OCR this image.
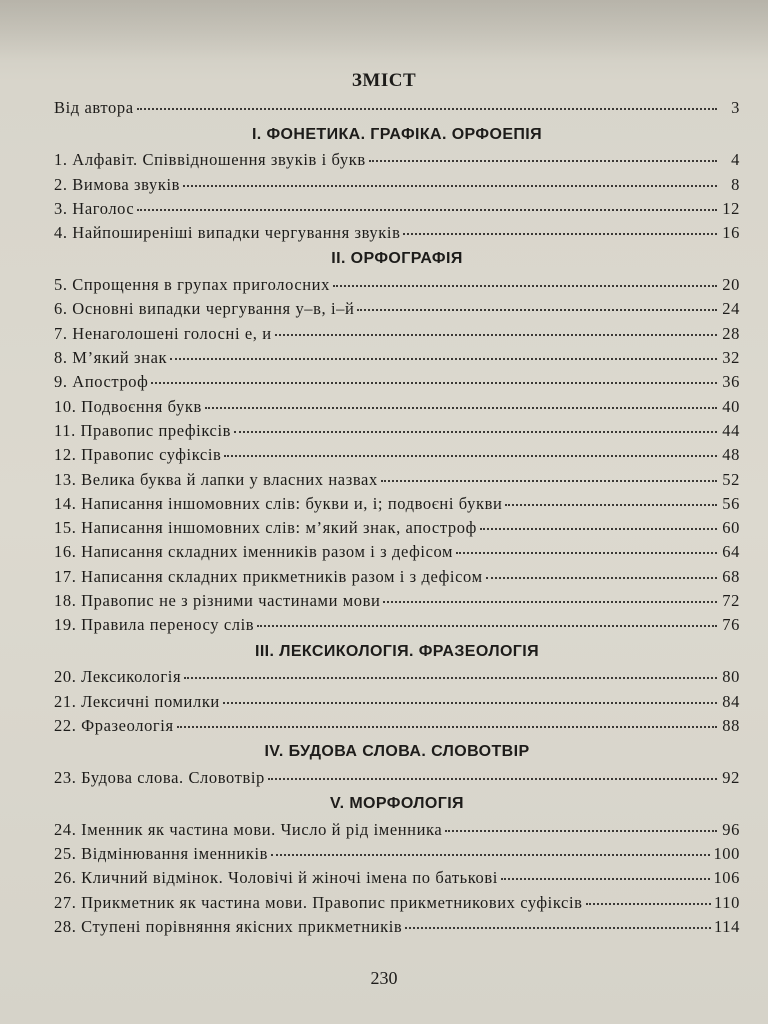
ЗМІСТ
Від автора	3
I. ФОНЕТИКА. ГРАФІКА. ОРФОЕПІЯ
1. Алфавіт. Співвідношення звуків і букв	4
2. Вимова звуків	8
3. Наголос	12
4. Найпоширеніші випадки чергування звуків	16
II. ОРФОГРАФІЯ
5. Спрощення в групах приголосних	20
6. Основні випадки чергування у–в, і–й	24
7. Ненаголошені голосні е, и	28
8. М’який знак	32
9. Апостроф	36
10. Подвоєння букв	40
11. Правопис префіксів	44
12. Правопис суфіксів	48
13. Велика буква й лапки у власних назвах	52
14. Написання іншомовних слів: букви и, і; подвоєні букви	56
15. Написання іншомовних слів: м’який знак, апостроф	60
16. Написання складних іменників разом і з дефісом	64
17. Написання складних прикметників разом і з дефісом	68
18. Правопис не з різними частинами мови	72
19. Правила переносу слів	76
III. ЛЕКСИКОЛОГІЯ. ФРАЗЕОЛОГІЯ
20. Лексикологія	80
21. Лексичні помилки	84
22. Фразеологія	88
IV. БУДОВА СЛОВА. СЛОВОТВІР
23. Будова слова. Словотвір	92
V. МОРФОЛОГІЯ
24. Іменник як частина мови. Число й рід іменника	96
25. Відмінювання іменників	100
26. Кличний відмінок. Чоловічі й жіночі імена по батькові	106
27. Прикметник як частина мови. Правопис прикметникових суфіксів	110
28. Ступені порівняння якісних прикметників	114
230
